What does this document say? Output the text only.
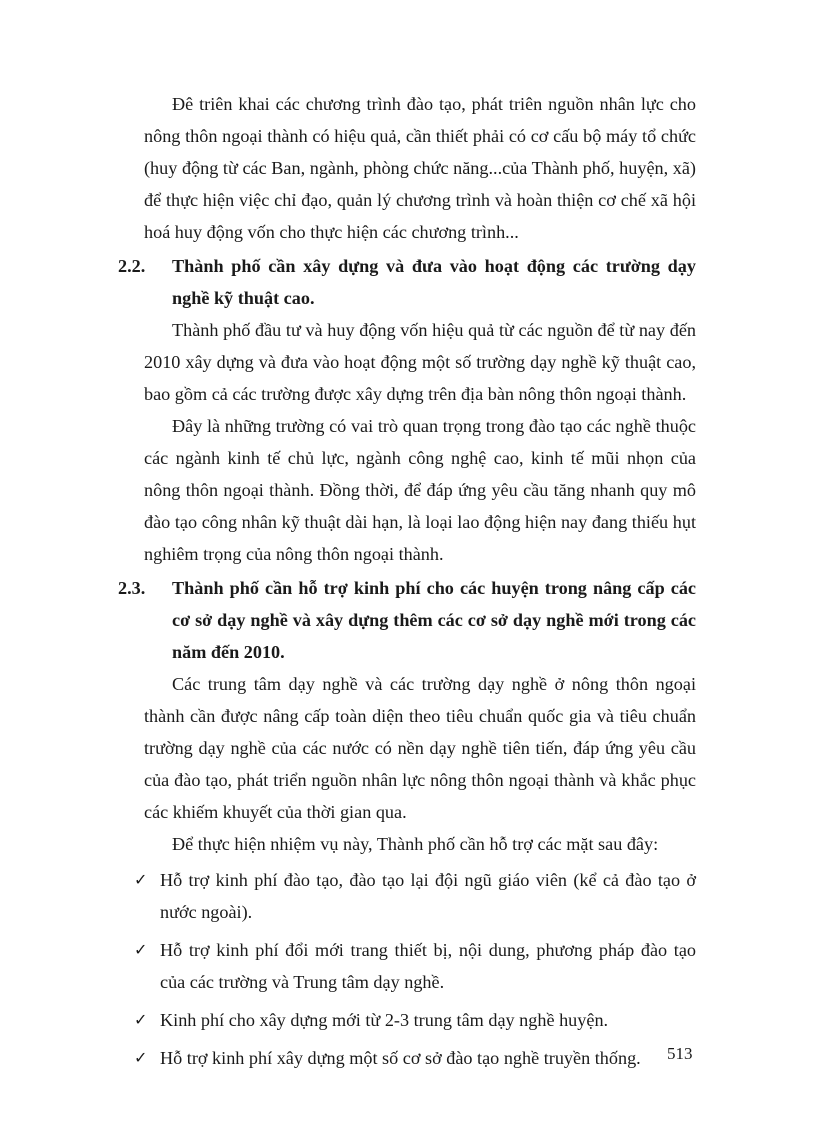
Đê triên khai các chương trình đào tạo, phát triên nguồn nhân lực cho nông thôn ngoại thành có hiệu quả, cần thiết phải có cơ cấu bộ máy tổ chức (huy động từ các Ban, ngành, phòng chức năng...của Thành phố, huyện, xã) để thực hiện việc chỉ đạo, quản lý chương trình và hoàn thiện cơ chế xã hội hoá huy động vốn cho thực hiện các chương trình...

2.2.	Thành phố cần xây dựng và đưa vào hoạt động các trường dạy nghề kỹ thuật cao.

Thành phố đầu tư và huy động vốn hiệu quả từ các nguồn để từ nay đến 2010 xây dựng và đưa vào hoạt động một số trường dạy nghề kỹ thuật cao, bao gồm cả các trường được xây dựng trên địa bàn nông thôn ngoại thành.

Đây là những trường có vai trò quan trọng trong đào tạo các nghề thuộc các ngành kinh tế chủ lực, ngành công nghệ cao, kinh tế mũi nhọn của nông thôn ngoại thành. Đồng thời, để đáp ứng yêu cầu tăng nhanh quy mô đào tạo công nhân kỹ thuật dài hạn, là loại lao động hiện nay đang thiếu hụt nghiêm trọng của nông thôn ngoại thành.

2.3.	Thành phố cần hỗ trợ kinh phí cho các huyện trong nâng cấp các cơ sở dạy nghề và xây dựng thêm các cơ sở dạy nghề mới trong các năm đến 2010.

Các trung tâm dạy nghề và các trường dạy nghề ở nông thôn ngoại thành cần được nâng cấp toàn diện theo tiêu chuẩn quốc gia và tiêu chuẩn trường dạy nghề của các nước có nền dạy nghề tiên tiến, đáp ứng yêu cầu của đào tạo, phát triển nguồn nhân lực nông thôn ngoại thành và khắc phục các khiếm khuyết của thời gian qua.

Để thực hiện nhiệm vụ này, Thành phố cần hỗ trợ các mặt sau đây:

✓ Hỗ trợ kinh phí đào tạo, đào tạo lại đội ngũ giáo viên (kể cả đào tạo ở nước ngoài).
✓ Hỗ trợ kinh phí đổi mới trang thiết bị, nội dung, phương pháp đào tạo của các trường và Trung tâm dạy nghề.
✓ Kinh phí cho xây dựng mới từ 2-3 trung tâm dạy nghề huyện.
✓ Hỗ trợ kinh phí xây dựng một số cơ sở đào tạo nghề truyền thống.	513
